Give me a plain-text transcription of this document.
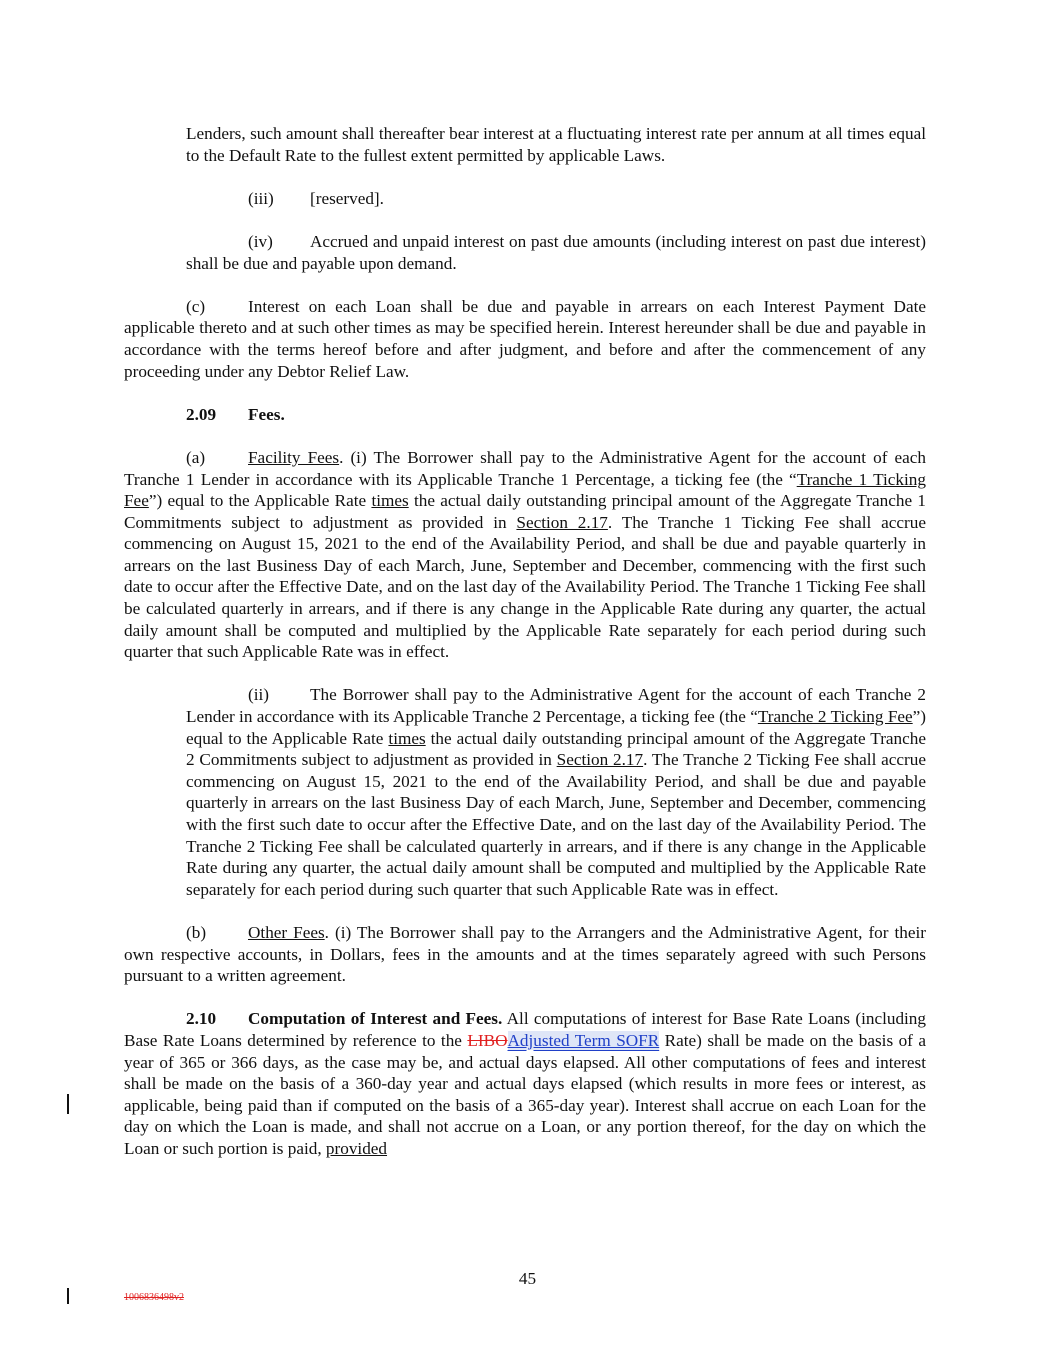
Lenders, such amount shall thereafter bear interest at a fluctuating interest rate per annum at all times equal to the Default Rate to the fullest extent permitted by applicable Laws.

(iii) [reserved].

(iv) Accrued and unpaid interest on past due amounts (including interest on past due interest) shall be due and payable upon demand.

(c) Interest on each Loan shall be due and payable in arrears on each Interest Payment Date applicable thereto and at such other times as may be specified herein. Interest hereunder shall be due and payable in accordance with the terms hereof before and after judgment, and before and after the commencement of any proceeding under any Debtor Relief Law.

2.09 Fees.

(a) Facility Fees. (i) The Borrower shall pay to the Administrative Agent for the account of each Tranche 1 Lender in accordance with its Applicable Tranche 1 Percentage, a ticking fee (the “Tranche 1 Ticking Fee”) equal to the Applicable Rate times the actual daily outstanding principal amount of the Aggregate Tranche 1 Commitments subject to adjustment as provided in Section 2.17. The Tranche 1 Ticking Fee shall accrue commencing on August 15, 2021 to the end of the Availability Period, and shall be due and payable quarterly in arrears on the last Business Day of each March, June, September and December, commencing with the first such date to occur after the Effective Date, and on the last day of the Availability Period. The Tranche 1 Ticking Fee shall be calculated quarterly in arrears, and if there is any change in the Applicable Rate during any quarter, the actual daily amount shall be computed and multiplied by the Applicable Rate separately for each period during such quarter that such Applicable Rate was in effect.

(ii) The Borrower shall pay to the Administrative Agent for the account of each Tranche 2 Lender in accordance with its Applicable Tranche 2 Percentage, a ticking fee (the “Tranche 2 Ticking Fee”) equal to the Applicable Rate times the actual daily outstanding principal amount of the Aggregate Tranche 2 Commitments subject to adjustment as provided in Section 2.17. The Tranche 2 Ticking Fee shall accrue commencing on August 15, 2021 to the end of the Availability Period, and shall be due and payable quarterly in arrears on the last Business Day of each March, June, September and December, commencing with the first such date to occur after the Effective Date, and on the last day of the Availability Period. The Tranche 2 Ticking Fee shall be calculated quarterly in arrears, and if there is any change in the Applicable Rate during any quarter, the actual daily amount shall be computed and multiplied by the Applicable Rate separately for each period during such quarter that such Applicable Rate was in effect.

(b) Other Fees. (i) The Borrower shall pay to the Arrangers and the Administrative Agent, for their own respective accounts, in Dollars, fees in the amounts and at the times separately agreed with such Persons pursuant to a written agreement.

2.10 Computation of Interest and Fees. All computations of interest for Base Rate Loans (including Base Rate Loans determined by reference to the LIBOAdjusted Term SOFR Rate) shall be made on the basis of a year of 365 or 366 days, as the case may be, and actual days elapsed. All other computations of fees and interest shall be made on the basis of a 360-day year and actual days elapsed (which results in more fees or interest, as applicable, being paid than if computed on the basis of a 365-day year). Interest shall accrue on each Loan for the day on which the Loan is made, and shall not accrue on a Loan, or any portion thereof, for the day on which the Loan or such portion is paid, provided

45
1006836498v2
